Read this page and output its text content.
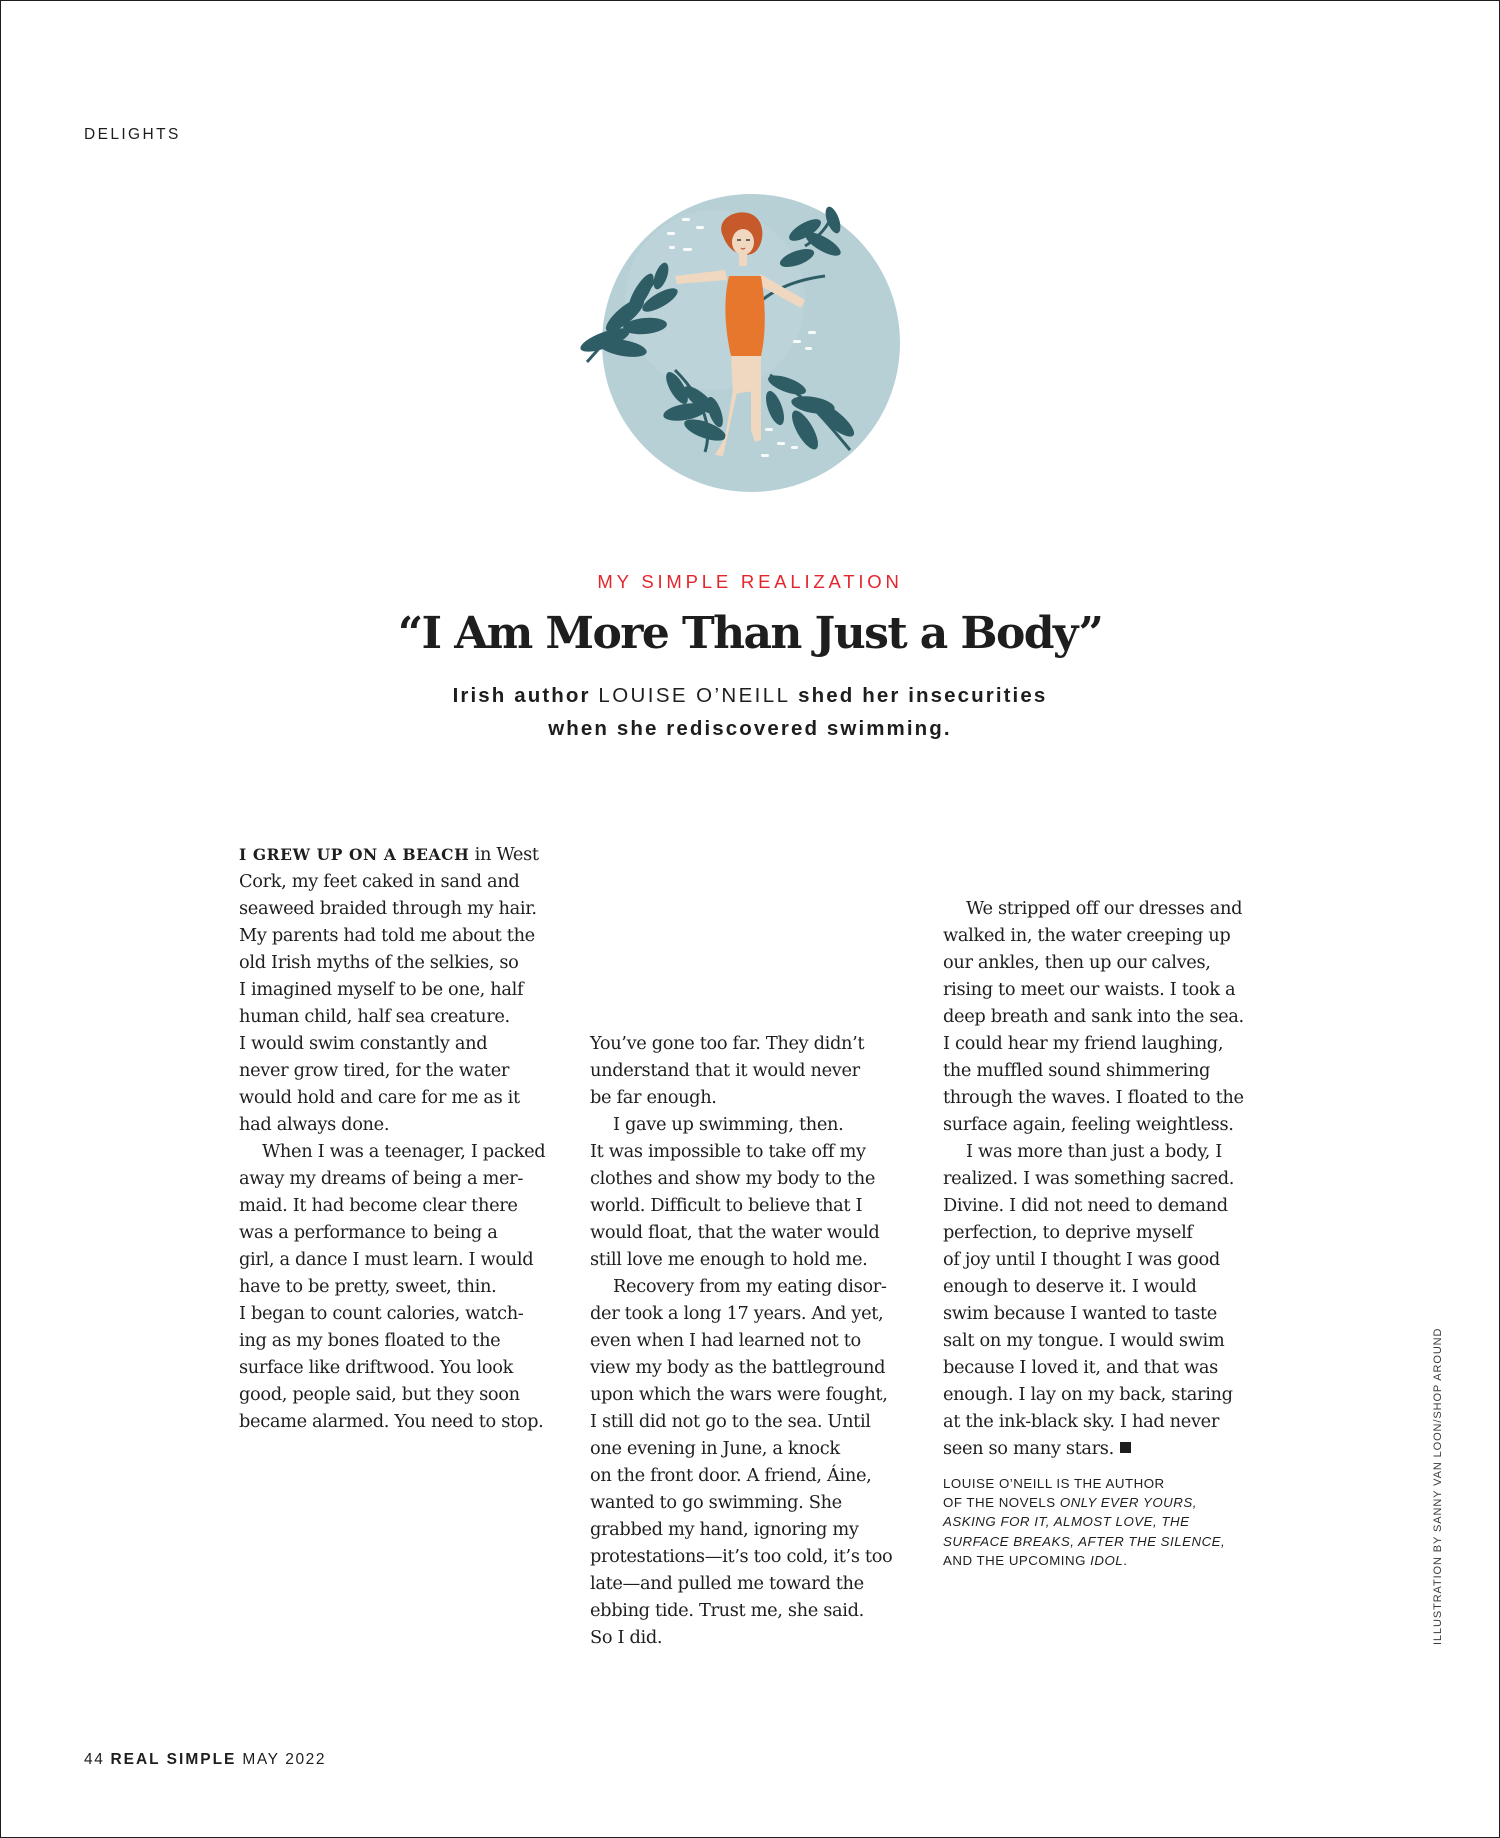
DELIGHTS
MY SIMPLE REALIZATION
“I Am More Than Just a Body”
Irish author LOUISE O’NEILL shed her insecurities
when she rediscovered swimming.
I GREW UP ON A BEACH in West
Cork, my feet caked in sand and
seaweed braided through my hair.
My parents had told me about the
old Irish myths of the selkies, so
I imagined myself to be one, half
human child, half sea creature.
I would swim constantly and
never grow tired, for the water
would hold and care for me as it
had always done.
When I was a teenager, I packed
away my dreams of being a mer-
maid. It had become clear there
was a performance to being a
girl, a dance I must learn. I would
have to be pretty, sweet, thin.
I began to count calories, watch-
ing as my bones floated to the
surface like driftwood. You look
good, people said, but they soon
became alarmed. You need to stop.
You’ve gone too far. They didn’t
understand that it would never
be far enough.
I gave up swimming, then.
It was impossible to take off my
clothes and show my body to the
world. Difficult to believe that I
would float, that the water would
still love me enough to hold me.
Recovery from my eating disor-
der took a long 17 years. And yet,
even when I had learned not to
view my body as the battleground
upon which the wars were fought,
I still did not go to the sea. Until
one evening in June, a knock
on the front door. A friend, Áine,
wanted to go swimming. She
grabbed my hand, ignoring my
protestations—it’s too cold, it’s too
late—and pulled me toward the
ebbing tide. Trust me, she said.
So I did.
We stripped off our dresses and
walked in, the water creeping up
our ankles, then up our calves,
rising to meet our waists. I took a
deep breath and sank into the sea.
I could hear my friend laughing,
the muffled sound shimmering
through the waves. I floated to the
surface again, feeling weightless.
I was more than just a body, I
realized. I was something sacred.
Divine. I did not need to demand
perfection, to deprive myself
of joy until I thought I was good
enough to deserve it. I would
swim because I wanted to taste
salt on my tongue. I would swim
because I loved it, and that was
enough. I lay on my back, staring
at the ink-black sky. I had never
seen so many stars.
LOUISE O’NEILL IS THE AUTHOR
OF THE NOVELS ONLY EVER YOURS,
ASKING FOR IT, ALMOST LOVE, THE
SURFACE BREAKS, AFTER THE SILENCE,
AND THE UPCOMING IDOL.	ILLUSTRATION BY SANNY VAN LOON/SHOP AROUND
44 REAL SIMPLE MAY 2022
